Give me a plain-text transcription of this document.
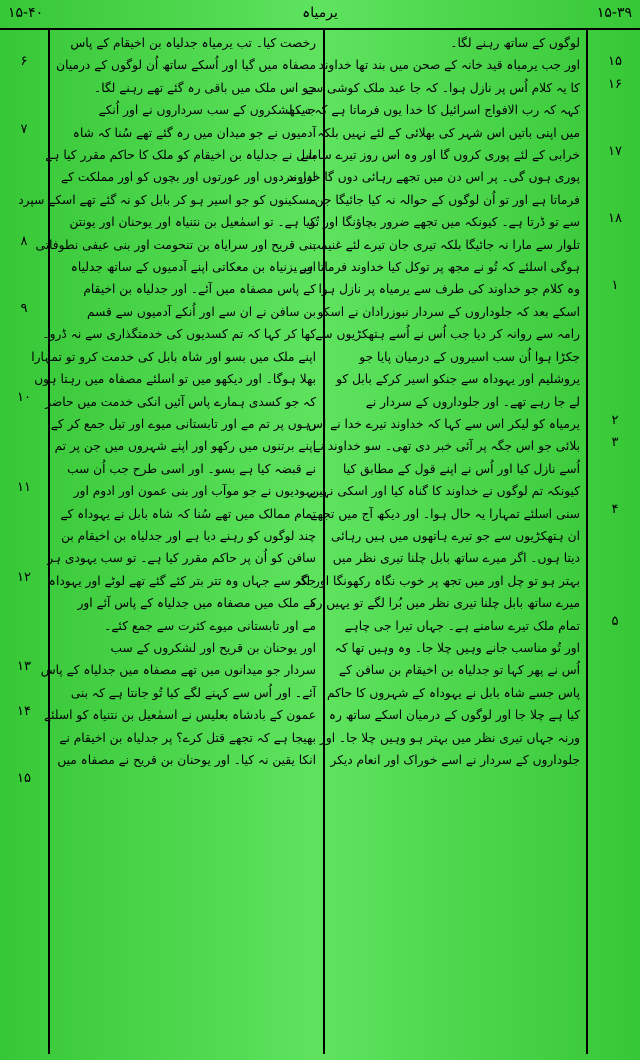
۱۵-۴۰	یرمیاہ	۱۵-۳۹
۶
۷
۸
۹
۱۰
۱۱
۱۲
۱۳
۱۴
۱۵
۱۵
۱۶
۱۷
۱۸
۱
۲
۳
۴
۵
لوگوں کے ساتھ رہنے لگا۔
اور جب یرمیاہ قید خانہ کے صحن میں بند تھا خداوند
کا یہ کلام اُس پر نازل ہوا۔ کہ جا عبد ملک کوشی سے
کہہ کہ رب الافواج اسرائیل کا خدا یوں فرماتا ہے کہ دیکھ
میں اپنی باتیں اس شہر کی بھلائی کے لئے نہیں بلکہ
خرابی کے لئے پوری کروں گا اور وہ اس روز تیرے سامنے
پوری ہوں گی۔ پر اس دن میں تجھے رہائی دوں گا خداوند
فرماتا ہے اور تو اُن لوگوں کے حوالہ نہ کیا جائیگا جن
سے تو ڈرتا ہے۔ کیونکہ میں تجھے ضرور بچاؤنگا اور تُو
تلوار سے مارا نہ جائیگا بلکہ تیری جان تیرے لئے غنیمت
ہوگی اسلئے کہ تُو نے مجھ پر توکل کیا خداوند فرماتا ہے۔
وہ کلام جو خداوند کی طرف سے یرمیاہ پر نازل ہوا
اسکے بعد کہ جلوداروں کے سردار نبوزرادان نے اسکو
رامہ سے روانہ کر دیا جب اُس نے اُسے ہتھکڑیوں سے
جکڑا ہوا اُن سب اسیروں کے درمیان پایا جو
یروشلیم اور یہوداہ سے جنکو اسیر کرکے بابل کو
لے جا رہے تھے۔ اور جلوداروں کے سردار نے
یرمیاہ کو لیکر اس سے کہا کہ خداوند تیرے خدا نے اس
بلائی جو اس جگہ پر آئی خبر دی تھی۔ سو خداوند نے
اُسے نازل کیا اور اُس نے اپنے قول کے مطابق کیا
کیونکہ تم لوگوں نے خداوند کا گناہ کیا اور اسکی نہیں
سنی اسلئے تمہارا یہ حال ہوا۔ اور دیکھ آج میں تجھے
ان ہتھکڑیوں سے جو تیرے ہاتھوں میں ہیں رہائی
دیتا ہوں۔ اگر میرے ساتھ بابل چلنا تیری نظر میں
بہتر ہو تو چل اور میں تجھ پر خوب نگاہ رکھونگا اور اگر
میرے ساتھ بابل چلنا تیری نظر میں بُرا لگے تو یہیں رہ
تمام ملک تیرے سامنے ہے۔ جہاں تیرا جی چاہے
اور تُو مناسب جانے وہیں چلا جا۔ وہ وہیں تھا کہ
اُس نے پھر کہا تو جدلیاہ بن اخیقام بن سافن کے
پاس جسے شاہ بابل نے یہوداہ کے شہروں کا حاکم
کیا ہے چلا جا اور لوگوں کے درمیان اسکے ساتھ رہ
ورنہ جہاں تیری نظر میں بہتر ہو وہیں چلا جا۔ اور
جلوداروں کے سردار نے اسے خوراک اور انعام دیکر
رخصت کیا۔ تب یرمیاہ جدلیاہ بن اخیقام کے پاس
مصفاہ میں گیا اور اُسکے ساتھ اُن لوگوں کے درمیان
جو اس ملک میں باقی رہ گئے تھے رہنے لگا۔
جب لشکروں کے سب سرداروں نے اور اُنکے
آدمیوں نے جو میدان میں رہ گئے تھے سُنا کہ شاہ
بابل نے جدلیاہ بن اخیقام کو ملک کا حاکم مقرر کیا ہے
اور مردوں اور عورتوں اور بچوں کو اور مملکت کے
مسکینوں کو جو اسیر ہو کر بابل کو نہ گئے تھے اسکے سپرد
کیا ہے۔ تو اسمٰعیل بن نتنیاہ اور یوحنان اور یونتن
بنی قریح اور سرایاہ بن تنحومت اور بنی عیفی نطوفاتی
اور یزنیاہ بن معکاتی اپنے آدمیوں کے ساتھ جدلیاہ
کے پاس مصفاہ میں آئے۔ اور جدلیاہ بن اخیقام
بن سافن نے ان سے اور اُنکے آدمیوں سے قسم
کھا کر کہا کہ تم کسدیوں کی خدمتگذاری سے نہ ڈرو۔
اپنے ملک میں بسو اور شاہ بابل کی خدمت کرو تو تمہارا
بھلا ہوگا۔ اور دیکھو میں تو اسلئے مصفاہ میں رہتا ہوں
کہ جو کسدی ہمارے پاس آئیں انکی خدمت میں حاضر
رہوں پر تم مے اور تابستانی میوے اور تیل جمع کر کے
اپنے برتنوں میں رکھو اور اپنے شہروں میں جن پر تم
نے قبضہ کیا ہے بسو۔ اور اسی طرح جب اُن سب
یہودیوں نے جو موآب اور بنی عمون اور ادوم اور
تمام ممالک میں تھے سُنا کہ شاہ بابل نے یہوداہ کے
چند لوگوں کو رہنے دیا ہے اور جدلیاہ بن اخیقام بن
سافن کو اُن پر حاکم مقرر کیا ہے۔ تو سب یہودی ہر
جگہ سے جہاں وہ تتر بتر کئے گئے تھے لوٹے اور یہوداہ
کے ملک میں مصفاہ میں جدلیاہ کے پاس آئے اور
مے اور تابستانی میوے کثرت سے جمع کئے۔
اور یوحنان بن قریح اور لشکروں کے سب
سردار جو میدانوں میں تھے مصفاہ میں جدلیاہ کے پاس
آئے۔ اور اُس سے کہنے لگے کیا تُو جانتا ہے کہ بنی
عمون کے بادشاہ بعلیس نے اسمٰعیل بن نتنیاہ کو اسلئے
بھیجا ہے کہ تجھے قتل کرے؟ پر جدلیاہ بن اخیقام نے
انکا یقین نہ کیا۔ اور یوحنان بن قریح نے مصفاہ میں
